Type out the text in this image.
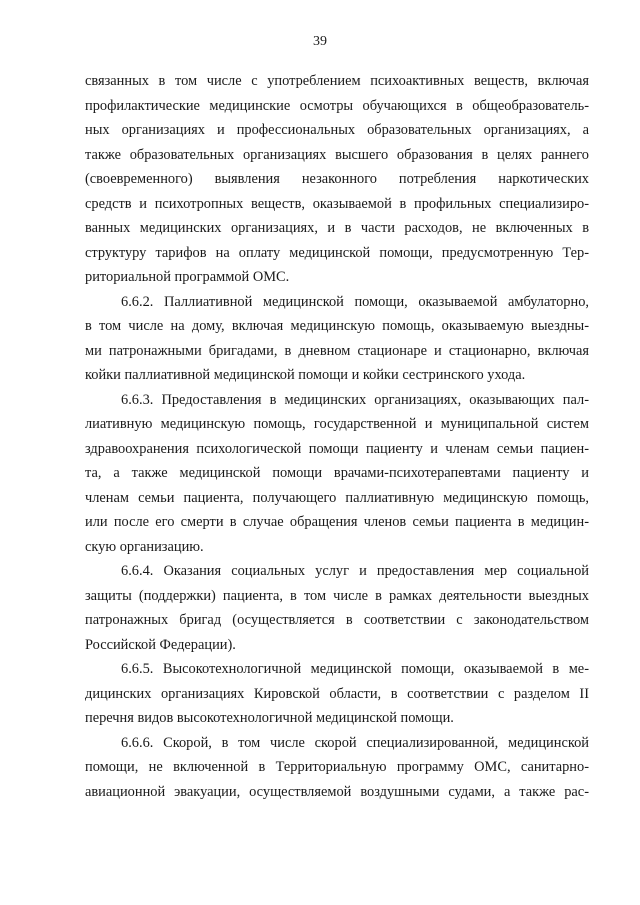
39
связанных в том числе с употреблением психоактивных веществ, включая
профилактические медицинские осмотры обучающихся в общеобразователь-
ных организациях и профессиональных образовательных организациях, а
также образовательных организациях высшего образования в целях раннего
(своевременного) выявления незаконного потребления наркотических
средств и психотропных веществ, оказываемой в профильных специализиро-
ванных медицинских организациях, и в части расходов, не включенных в
структуру тарифов на оплату медицинской помощи, предусмотренную Тер-
риториальной программой ОМС.
6.6.2. Паллиативной медицинской помощи, оказываемой амбулаторно,
в том числе на дому, включая медицинскую помощь, оказываемую выездны-
ми патронажными бригадами, в дневном стационаре и стационарно, включая
койки паллиативной медицинской помощи и койки сестринского ухода.
6.6.3. Предоставления в медицинских организациях, оказывающих пал-
лиативную медицинскую помощь, государственной и муниципальной систем
здравоохранения психологической помощи пациенту и членам семьи пациен-
та, а также медицинской помощи врачами-психотерапевтами пациенту и
членам семьи пациента, получающего паллиативную медицинскую помощь,
или после его смерти в случае обращения членов семьи пациента в медицин-
скую организацию.
6.6.4. Оказания социальных услуг и предоставления мер социальной
защиты (поддержки) пациента, в том числе в рамках деятельности выездных
патронажных бригад (осуществляется в соответствии с законодательством
Российской Федерации).
6.6.5. Высокотехнологичной медицинской помощи, оказываемой в ме-
дицинских организациях Кировской области, в соответствии с разделом II
перечня видов высокотехнологичной медицинской помощи.
6.6.6. Скорой, в том числе скорой специализированной, медицинской
помощи, не включенной в Территориальную программу ОМС, санитарно-
авиационной эвакуации, осуществляемой воздушными судами, а также рас-
